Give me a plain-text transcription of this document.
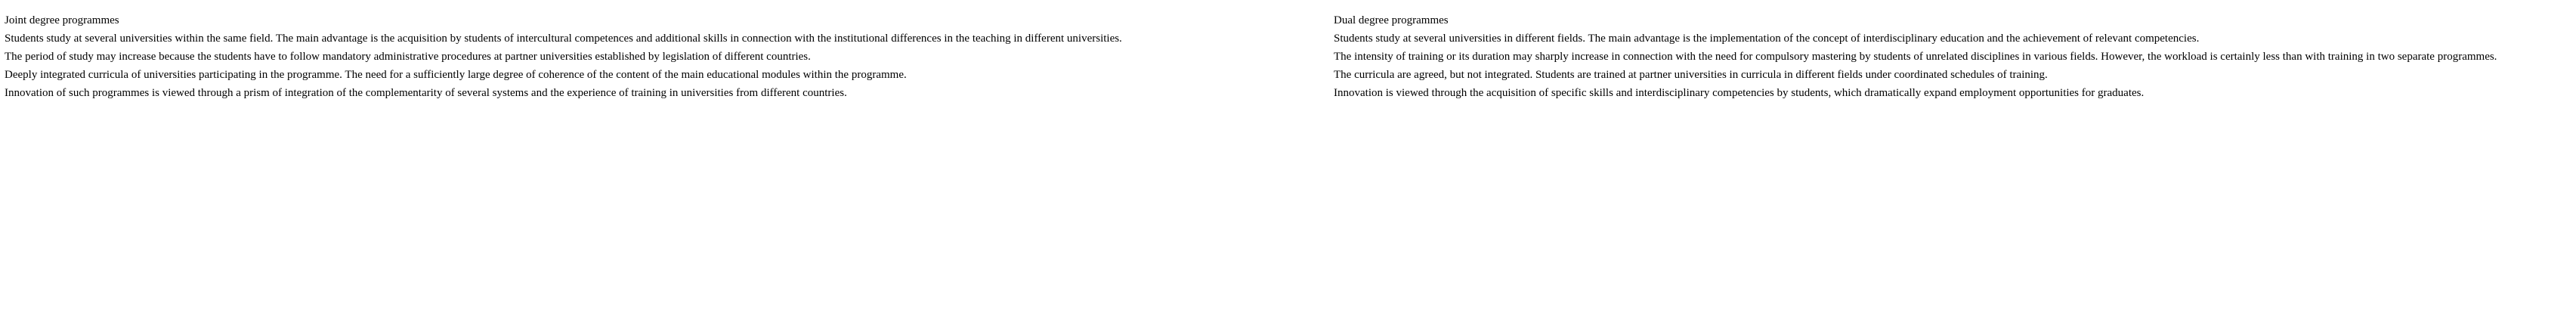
Joint degree programmes

Students study at several universities within the same field. The main advantage is the acquisition by students of intercultural competences and additional skills in connection with the institutional differences in the teaching in different universities.

The period of study may increase because the students have to follow mandatory administrative procedures at partner universities established by legislation of different countries.

Deeply integrated curricula of universities participating in the programme. The need for a sufficiently large degree of coherence of the content of the main educational modules within the programme.

Innovation of such programmes is viewed through a prism of integration of the complementarity of several systems and the experience of training in universities from different countries.

Dual degree programmes

Students study at several universities in different fields. The main advantage is the implementation of the concept of interdisciplinary education and the achievement of relevant competencies.

The intensity of training or its duration may sharply increase in connection with the need for compulsory mastering by students of unrelated disciplines in various fields. However, the workload is certainly less than with training in two separate programmes.

The curricula are agreed, but not integrated. Students are trained at partner universities in curricula in different fields under coordinated schedules of training.

Innovation is viewed through the acquisition of specific skills and interdisciplinary competencies by students, which dramatically expand employment opportunities for graduates.
